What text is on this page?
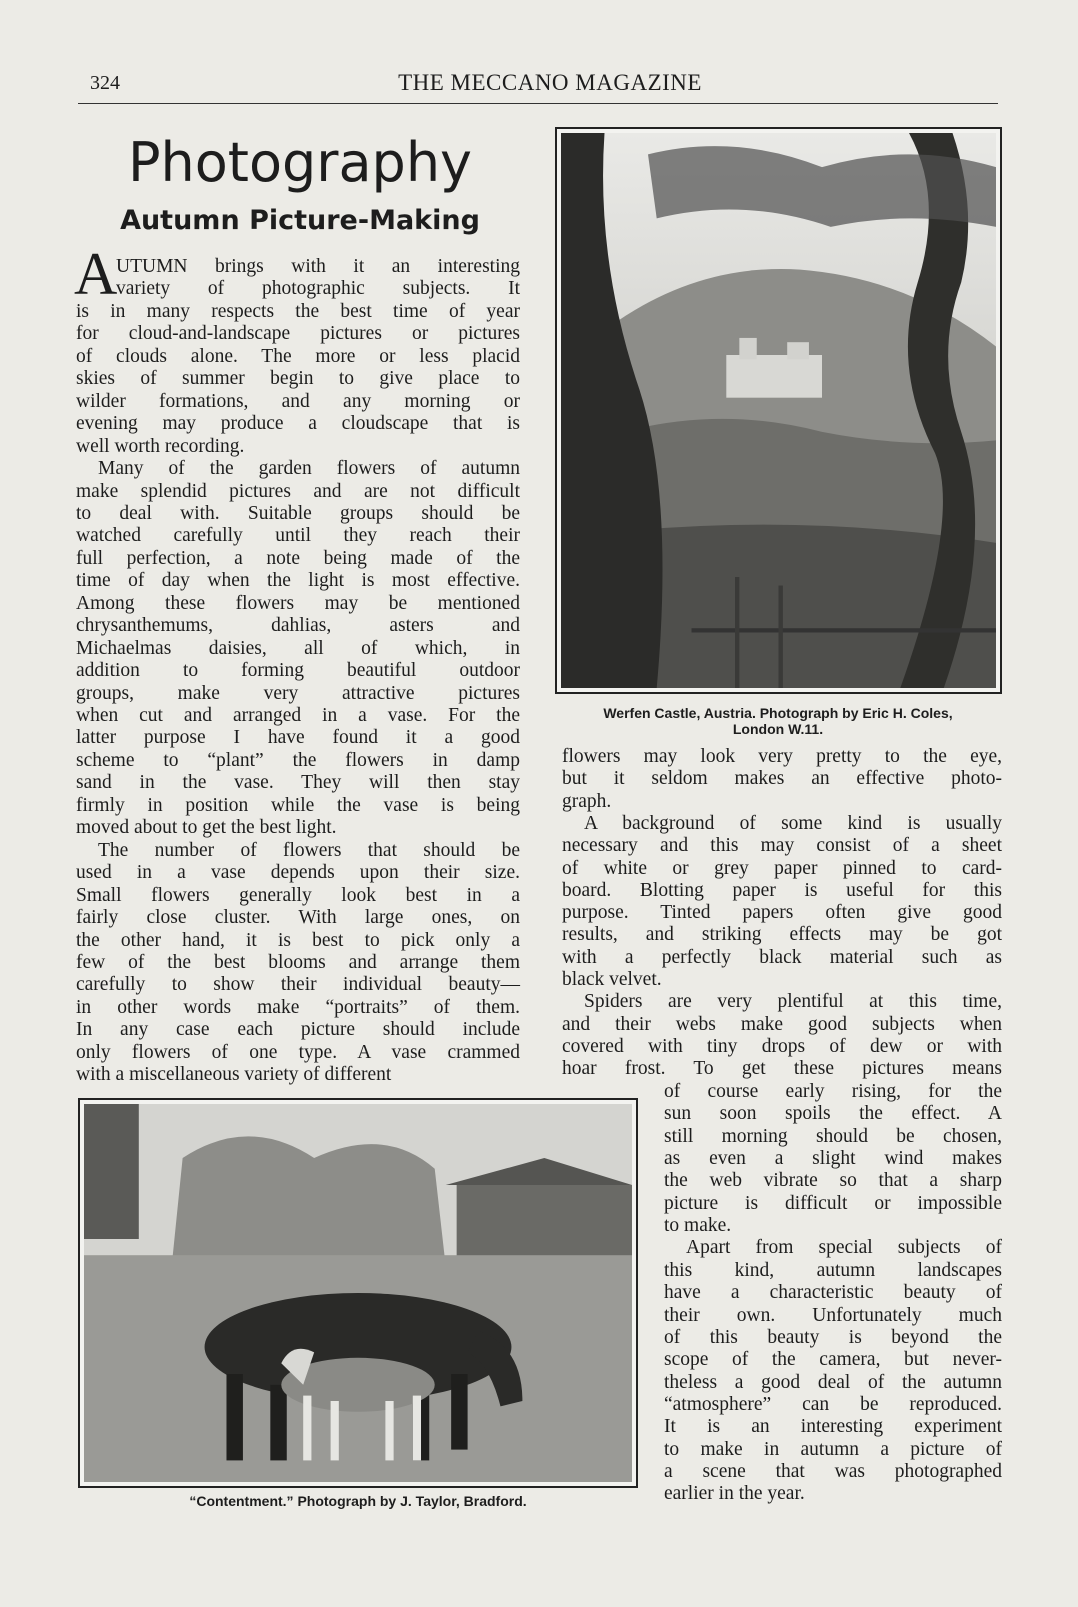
324	THE MECCANO MAGAZINE
Photography
Autumn Picture-Making
A
UTUMN brings with it an interesting
variety of photographic subjects. It
is in many respects the best time of year
for cloud-and-landscape pictures or pictures
of clouds alone. The more or less placid
skies of summer begin to give place to
wilder formations, and any morning or
evening may produce a cloudscape that is
well worth recording.
Many of the garden flowers of autumn
make splendid pictures and are not difficult
to deal with. Suitable groups should be
watched carefully until they reach their
full perfection, a note being made of the
time of day when the light is most effective.
Among these flowers may be mentioned
chrysanthemums, dahlias, asters and
Michaelmas daisies, all of which, in
addition to forming beautiful outdoor
groups, make very attractive pictures
when cut and arranged in a vase. For the
latter purpose I have found it a good
scheme to “plant” the flowers in damp
sand in the vase. They will then stay
firmly in position while the vase is being
moved about to get the best light.
The number of flowers that should be
used in a vase depends upon their size.
Small flowers generally look best in a
fairly close cluster. With large ones, on
the other hand, it is best to pick only a
few of the best blooms and arrange them
carefully to show their individual beauty—
in other words make “portraits” of them.
In any case each picture should include
only flowers of one type. A vase crammed
with a miscellaneous variety of different
flowers may look very pretty to the eye,
but it seldom makes an effective photo-
graph.
A background of some kind is usually
necessary and this may consist of a sheet
of white or grey paper pinned to card-
board. Blotting paper is useful for this
purpose. Tinted papers often give good
results, and striking effects may be got
with a perfectly black material such as
black velvet.
Spiders are very plentiful at this time,
and their webs make good subjects when
covered with tiny drops of dew or with
hoar frost. To get these pictures means
of course early rising, for the
sun soon spoils the effect. A
still morning should be chosen,
as even a slight wind makes
the web vibrate so that a sharp
picture is difficult or impossible
to make.
Apart from special subjects of
this kind, autumn landscapes
have a characteristic beauty of
their own. Unfortunately much
of this beauty is beyond the
scope of the camera, but never-
theless a good deal of the autumn
“atmosphere” can be reproduced.
It is an interesting experiment
to make in autumn a picture of
a scene that was photographed
earlier in the year.
Werfen Castle, Austria. Photograph by Eric H. Coles,
London W.11.
“Contentment.” Photograph by J. Taylor, Bradford.
